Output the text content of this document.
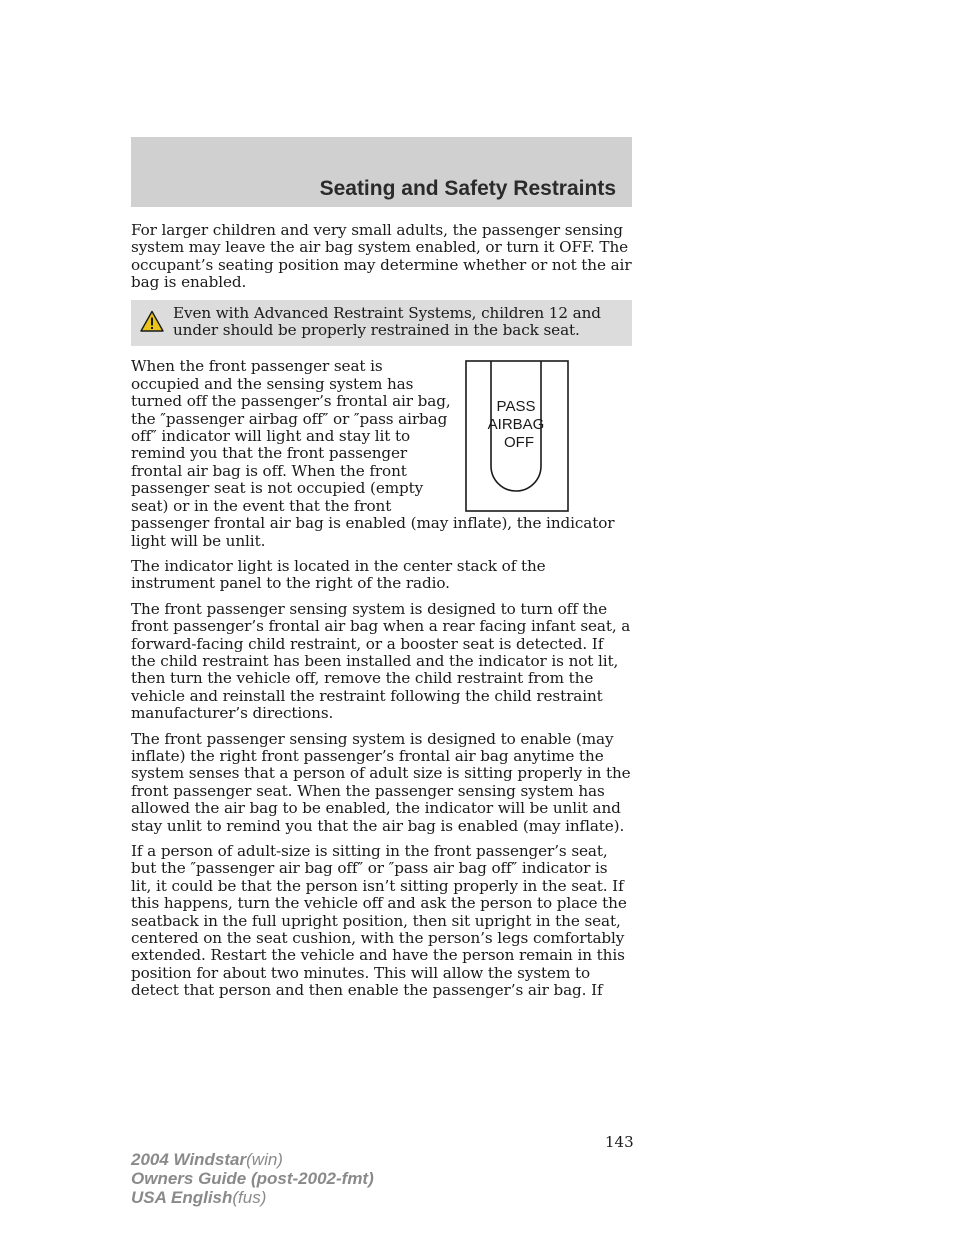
Seating and Safety Restraints

For larger children and very small adults, the passenger sensing system may leave the air bag system enabled, or turn it OFF. The occupant’s seating position may determine whether or not the air bag is enabled.

Even with Advanced Restraint Systems, children 12 and under should be properly restrained in the back seat.

PASS
AIRBAG
OFF

When the front passenger seat is occupied and the sensing system has turned off the passenger’s frontal air bag, the ″passenger airbag off″ or ″pass airbag off″ indicator will light and stay lit to remind you that the front passenger frontal air bag is off. When the front passenger seat is not occupied (empty seat) or in the event that the front passenger frontal air bag is enabled (may inflate), the indicator light will be unlit.

The indicator light is located in the center stack of the instrument panel to the right of the radio.

The front passenger sensing system is designed to turn off the front passenger’s frontal air bag when a rear facing infant seat, a forward-facing child restraint, or a booster seat is detected. If the child restraint has been installed and the indicator is not lit, then turn the vehicle off, remove the child restraint from the vehicle and reinstall the restraint following the child restraint manufacturer’s directions.

The front passenger sensing system is designed to enable (may inflate) the right front passenger’s frontal air bag anytime the system senses that a person of adult size is sitting properly in the front passenger seat. When the passenger sensing system has allowed the air bag to be enabled, the indicator will be unlit and stay unlit to remind you that the air bag is enabled (may inflate).

If a person of adult-size is sitting in the front passenger’s seat, but the ″passenger air bag off″ or ″pass air bag off″ indicator is lit, it could be that the person isn’t sitting properly in the seat. If this happens, turn the vehicle off and ask the person to place the seatback in the full upright position, then sit upright in the seat, centered on the seat cushion, with the person’s legs comfortably extended. Restart the vehicle and have the person remain in this position for about two minutes. This will allow the system to detect that person and then enable the passenger’s air bag. If

143
2004 Windstar(win)
Owners Guide (post-2002-fmt)
USA English(fus)
